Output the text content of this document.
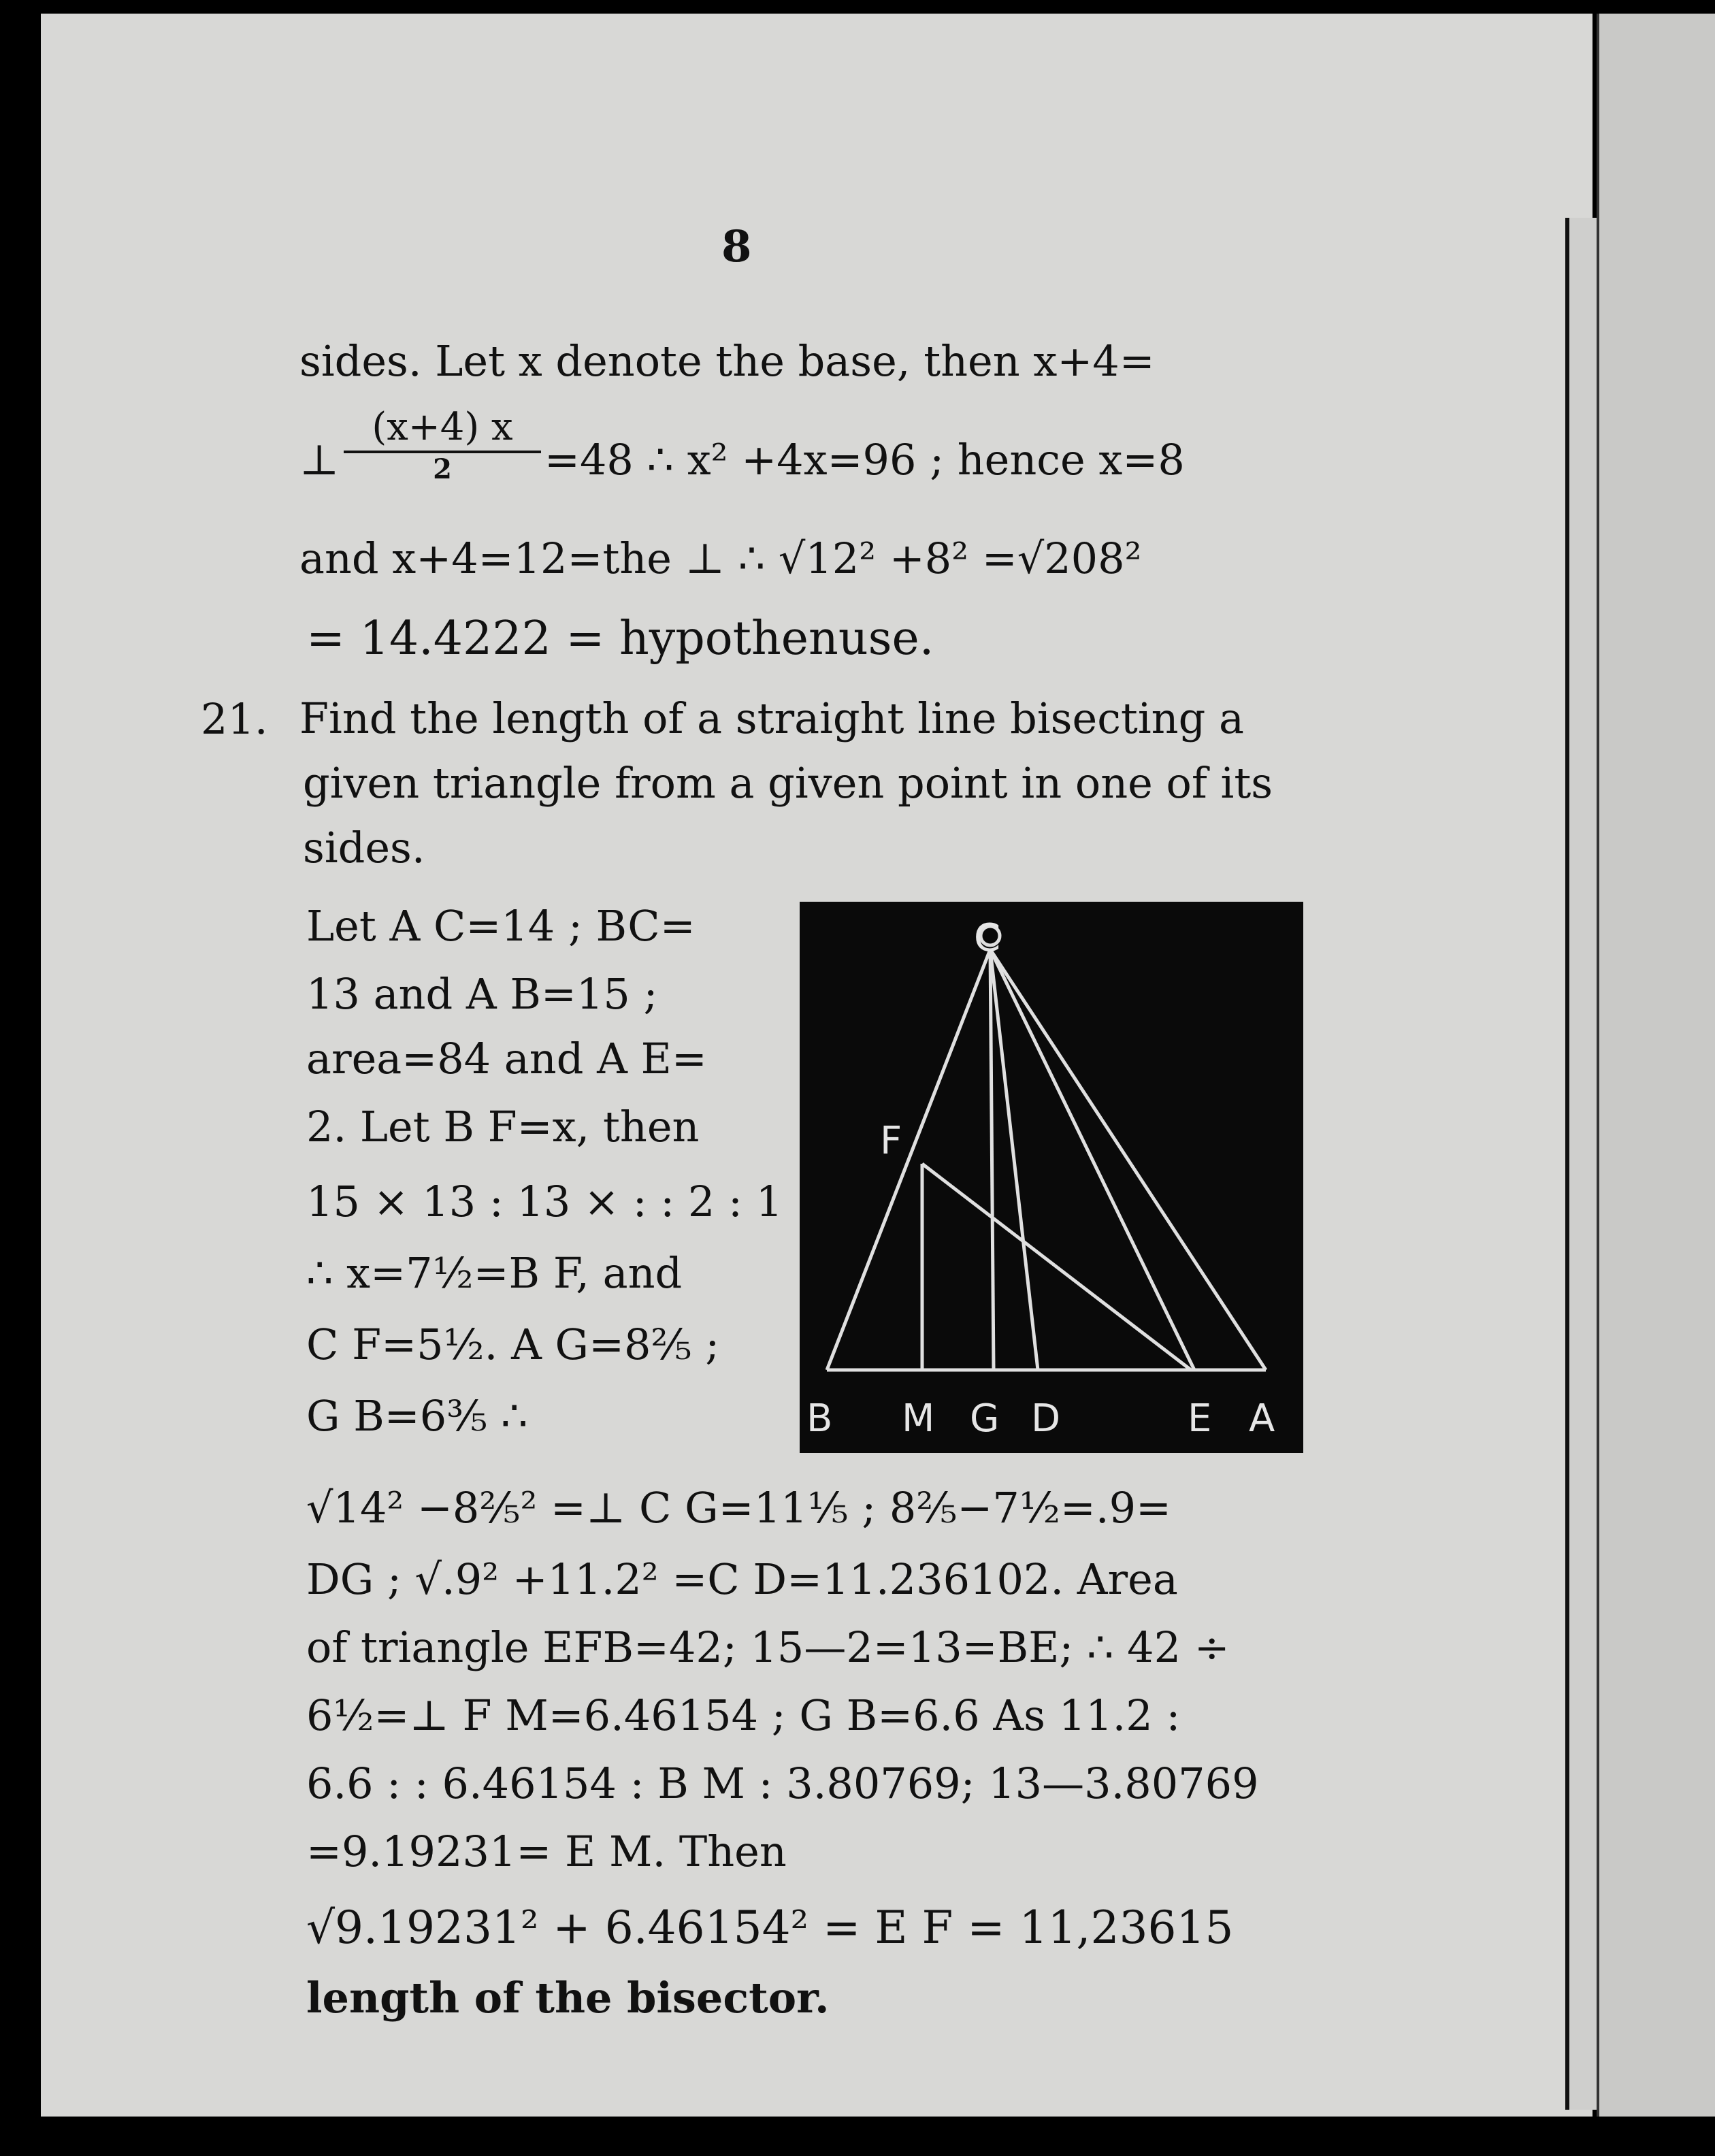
8
sides. Let x denote the base, then x+4=
⊥
(x+4) x
2	=48 ∴ x² +4x=96 ; hence x=8
and x+4=12=the ⊥ ∴ √12² +8² =√208²
= 14.4222 = hypothenuse.
21. Find the length of a straight line bisecting a
given triangle from a given point in one of its
sides.
Let A C=14 ; BC=
13 and A B=15 ;
area=84 and A E=
2. Let B F=x, then
15 × 13 : 13 × : : 2 : 1
∴ x=7½=B F, and
C F=5½. A G=8⅖ ;
G B=6⅗ ∴
C
F
B M G D	E A
√14² −8⅖² =⊥ C G=11⅕ ; 8⅖−7½=.9=
DG ; √.9² +11.2² =C D=11.236102. Area
of triangle EFB=42; 15—2=13=BE; ∴ 42 ÷
6½=⊥ F M=6.46154 ; G B=6.6 As 11.2 :
6.6 : : 6.46154 : B M : 3.80769; 13—3.80769
=9.19231= E M. Then
√9.19231² + 6.46154² = E F = 11,23615
length of the bisector.
